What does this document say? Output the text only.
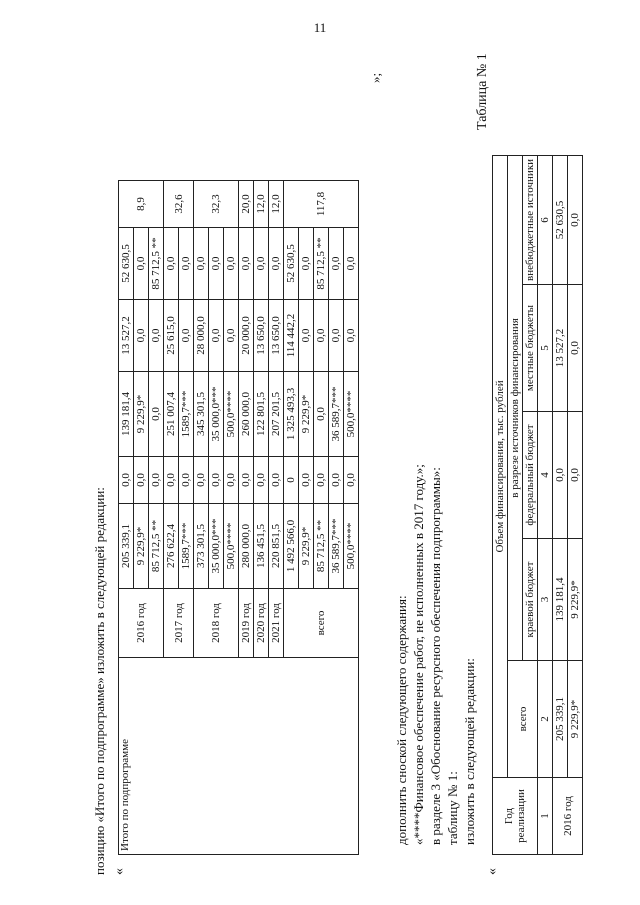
11
позицию «Итого по подпрограмме» изложить в следующей редакции: «
»;
Итого по подпрограмме	2016 год	205 339,1	0,0	139 181,4	13 527,2	52 630,5	8,9
		9 229,9*	0,0	9 229,9*	0,0	0,0	
		85 712,5 **	0,0	0,0	0,0	85 712,5 **	
	2017 год	276 622,4	0,0	251 007,4	25 615,0	0,0	32,6
		1589,7***	0,0	1589,7***	0,0	0,0	
	2018 год	373 301,5	0,0	345 301,5	28 000,0	0,0	32,3
		35 000,0***	0,0	35 000,0***	0,0	0,0	
		500,0****	0,0	500,0****	0,0	0,0	
	2019 год	280 000,0	0,0	260 000,0	20 000,0	0,0	20,0
	2020 год	136 451,5	0,0	122 801,5	13 650,0	0,0	12,0
	2021 год	220 851,5	0,0	207 201,5	13 650,0	0,0	12,0
	всего	1 492 566,0	0	1 325 493,3	114 442,2	52 630,5	117,8
		9 229,9*	0,0	9 229,9*	0,0	0,0	
		85 712,5 **	0,0	0,0	0,0	85 712,5 **	
		36 589,7***	0,0	36 589,7***	0,0	0,0	
		500,0****	0,0	500,0****	0,0	0,0	
дополнить сноской следующего содержания: «****Финансовое обеспечение работ, не исполненных в 2017 году.»; в разделе 3 «Обоснование ресурсного обеспечения подпрограммы»: таблицу № 1: изложить в следующей редакции:
«
Таблица № 1
Год реализации	Объем финансирования, тыс. рублей				
	всего	в разрезе источников финансирования			
		краевой бюджет	федеральный бюджет	местные бюджеты	внебюджетные источники
1	2	3	4	5	6
2016 год	205 339,1	139 181,4	0,0	13 527,2	52 630,5
	9 229,9*	9 229,9*	0,0	0,0	0,0
